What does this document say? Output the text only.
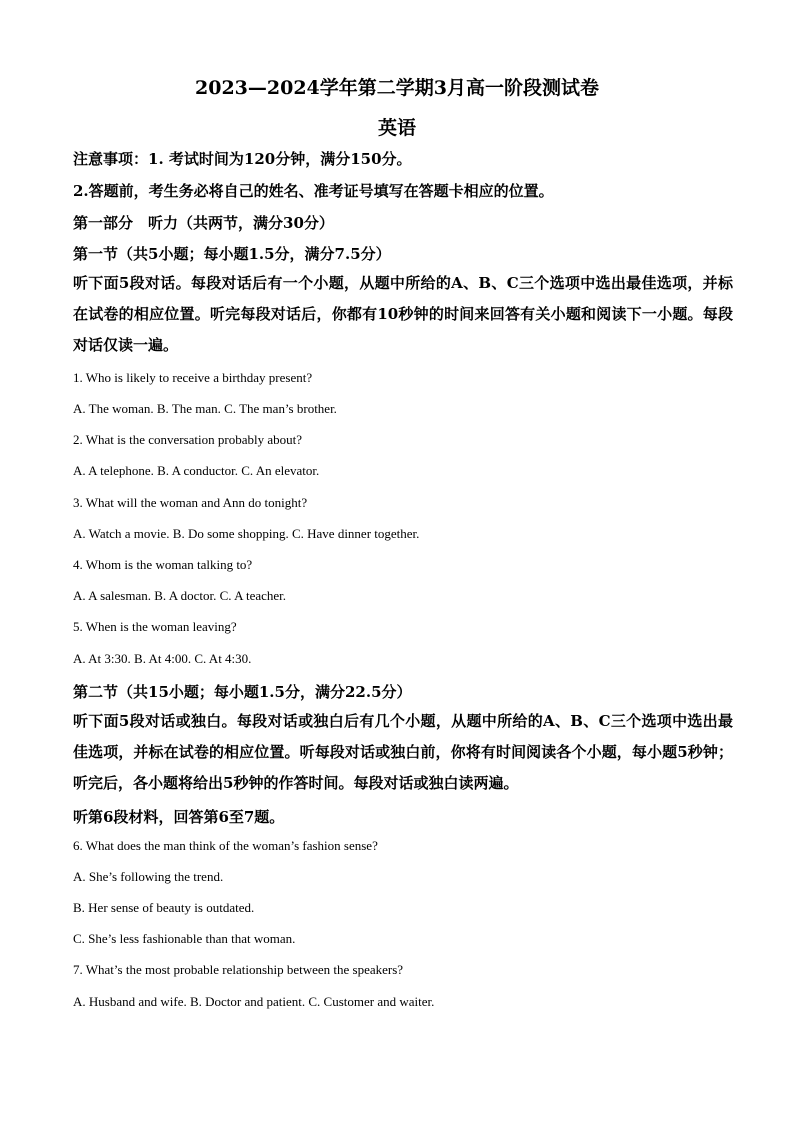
2023—2024学年第二学期3月高一阶段测试卷
英语
注意事项：1. 考试时间为120分钟，满分150分。
2.答题前，考生务必将自己的姓名、准考证号填写在答题卡相应的位置。
第一部分　听力（共两节，满分30分）
第一节（共5小题；每小题1.5分，满分7.5分）
听下面5段对话。每段对话后有一个小题，从题中所给的A、B、C三个选项中选出最佳选项，并标在试卷的相应位置。听完每段对话后，你都有10秒钟的时间来回答有关小题和阅读下一小题。每段对话仅读一遍。
1. Who is likely to receive a birthday present?
A. The woman. B. The man. C. The man’s brother.
2. What is the conversation probably about?
A. A telephone. B. A conductor. C. An elevator.
3. What will the woman and Ann do tonight?
A. Watch a movie. B. Do some shopping. C. Have dinner together.
4. Whom is the woman talking to?
A. A salesman. B. A doctor. C. A teacher.
5. When is the woman leaving?
A. At 3:30. B. At 4:00. C. At 4:30.
第二节（共15小题；每小题1.5分，满分22.5分）
听下面5段对话或独白。每段对话或独白后有几个小题，从题中所给的A、B、C三个选项中选出最佳选项，并标在试卷的相应位置。听每段对话或独白前，你将有时间阅读各个小题，每小题5秒钟；听完后，各小题将给出5秒钟的作答时间。每段对话或独白读两遍。
听第6段材料，回答第6至7题。
6. What does the man think of the woman’s fashion sense?
A. She’s following the trend.
B. Her sense of beauty is outdated.
C. She’s less fashionable than that woman.
7. What’s the most probable relationship between the speakers?
A. Husband and wife. B. Doctor and patient. C. Customer and waiter.
